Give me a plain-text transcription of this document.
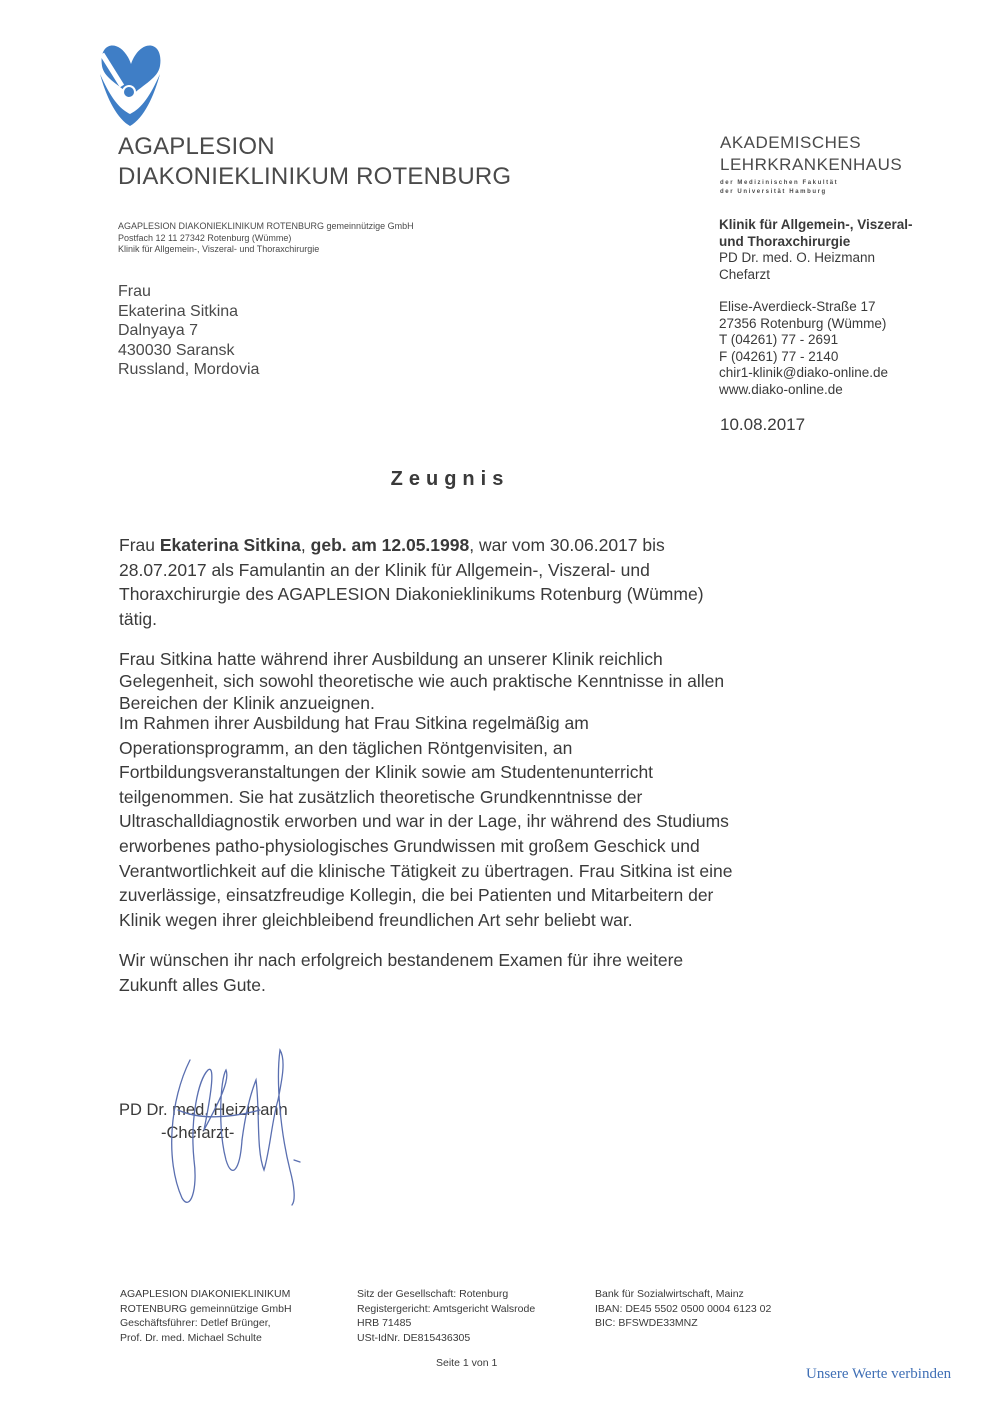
AGAPLESION
DIAKONIEKLINIKUM ROTENBURG
AKADEMISCHES
LEHRKRANKENHAUS
der Medizinischen Fakultät
der Universität Hamburg
AGAPLESION DIAKONIEKLINIKUM ROTENBURG gemeinnützige GmbH
Postfach 12 11 27342 Rotenburg (Wümme)
Klinik für Allgemein-, Viszeral- und Thoraxchirurgie
Frau
Ekaterina Sitkina
Dalnyaya 7
430030 Saransk
Russland, Mordovia
Klinik für Allgemein-, Viszeral-
und Thoraxchirurgie
PD Dr. med. O. Heizmann
Chefarzt
Elise-Averdieck-Straße 17
27356 Rotenburg (Wümme)
T (04261) 77 - 2691
F (04261) 77 - 2140
chir1-klinik@diako-online.de
www.diako-online.de
10.08.2017
Zeugnis
Frau Ekaterina Sitkina, geb. am 12.05.1998, war vom 30.06.2017 bis
28.07.2017 als Famulantin an der Klinik für Allgemein-, Viszeral- und
Thoraxchirurgie des AGAPLESION Diakonieklinikums Rotenburg (Wümme)
tätig.
Frau Sitkina hatte während ihrer Ausbildung an unserer Klinik reichlich
Gelegenheit, sich sowohl theoretische wie auch praktische Kenntnisse in allen
Bereichen der Klinik anzueignen.
Im Rahmen ihrer Ausbildung hat Frau Sitkina regelmäßig am
Operationsprogramm, an den täglichen Röntgenvisiten, an
Fortbildungsveranstaltungen der Klinik sowie am Studentenunterricht
teilgenommen. Sie hat zusätzlich theoretische Grundkenntnisse der
Ultraschalldiagnostik erworben und war in der Lage, ihr während des Studiums
erworbenes patho-physiologisches Grundwissen mit großem Geschick und
Verantwortlichkeit auf die klinische Tätigkeit zu übertragen. Frau Sitkina ist eine
zuverlässige, einsatzfreudige Kollegin, die bei Patienten und Mitarbeitern der
Klinik wegen ihrer gleichbleibend freundlichen Art sehr beliebt war.
Wir wünschen ihr nach erfolgreich bestandenem Examen für ihre weitere
Zukunft alles Gute.
PD Dr. med. Heizmann
-Chefarzt-
AGAPLESION DIAKONIEKLINIKUM
ROTENBURG gemeinnützige GmbH
Geschäftsführer: Detlef Brünger,
Prof. Dr. med. Michael Schulte
Sitz der Gesellschaft: Rotenburg
Registergericht: Amtsgericht Walsrode
HRB 71485
USt-IdNr. DE815436305
Bank für Sozialwirtschaft, Mainz
IBAN: DE45 5502 0500 0004 6123 02
BIC: BFSWDE33MNZ
Seite 1 von 1
Unsere Werte verbinden
